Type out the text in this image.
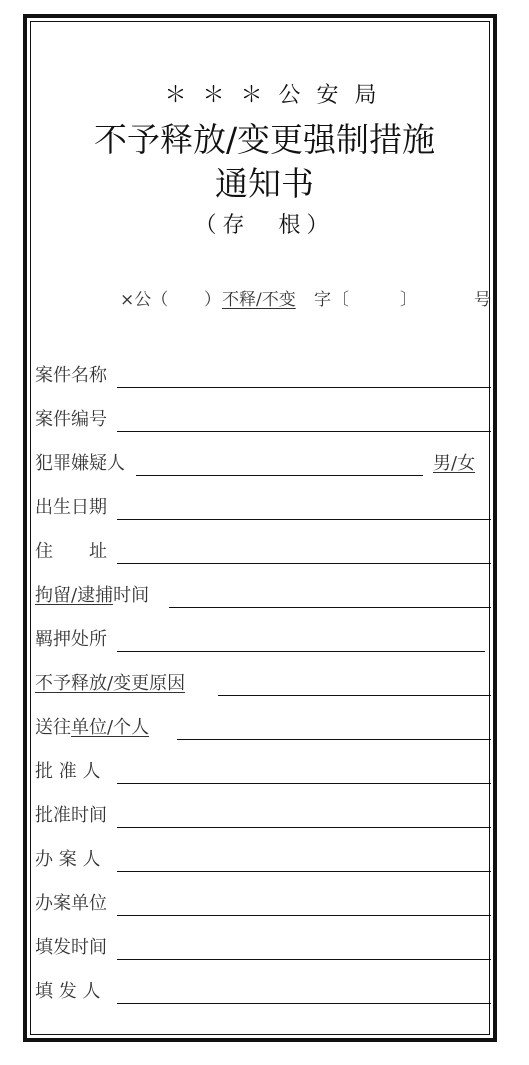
＊＊＊公安局
不予释放/变更强制措施
通知书
（存　根）
×公（ ） 不释/不变 字 〔	〕	号
案件名称
案件编号
犯罪嫌疑人	男/女
出生日期
住　　址
拘留/逮捕时间
羁押处所
不予释放/变更原因
送往单位/个人
批 准 人
批准时间
办 案 人
办案单位
填发时间
填 发 人
